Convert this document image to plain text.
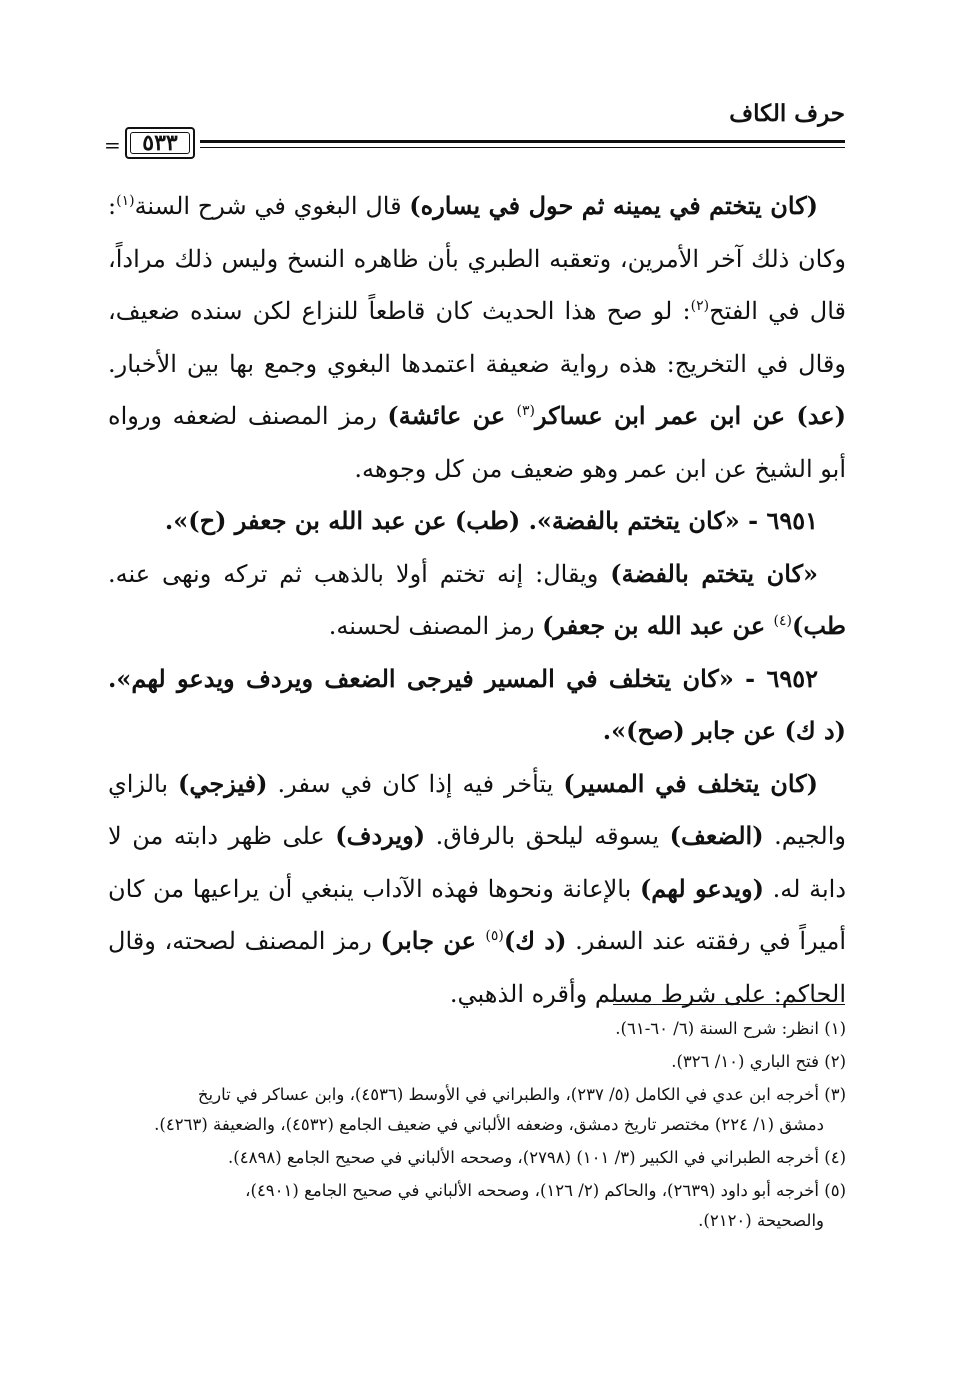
حرف الكاف
٥٣٣
=

(كان يتختم في يمينه ثم حول في يساره) قال البغوي في شرح السنة$^{(١)}$: وكان ذلك آخر الأمرين، وتعقبه الطبري بأن ظاهره النسخ وليس ذلك مراداً، قال في الفتح$^{(٢)}$: لو صح هذا الحديث كان قاطعاً للنزاع لكن سنده ضعيف، وقال في التخريج: هذه رواية ضعيفة اعتمدها البغوي وجمع بها بين الأخبار. (عد) عن ابن عمر ابن عساكر$^{(٣)}$ عن عائشة) رمز المصنف لضعفه ورواه أبو الشيخ عن ابن عمر وهو ضعيف من كل وجوهه.

٦٩٥١ - «كان يتختم بالفضة». (طب) عن عبد الله بن جعفر (ح)».

«كان يتختم بالفضة) ويقال: إنه تختم أولا بالذهب ثم تركه ونهى عنه. طب)$^{(٤)}$ عن عبد الله بن جعفر) رمز المصنف لحسنه.

٦٩٥٢ - «كان يتخلف في المسير فيرجى الضعف ويردف ويدعو لهم». (د ك) عن جابر (صح)».

(كان يتخلف في المسير) يتأخر فيه إذا كان في سفر. (فيزجي) بالزاي والجيم. (الضعف) يسوقه ليلحق بالرفاق. (ويردف) على ظهر دابته من لا دابة له. (ويدعو لهم) بالإعانة ونحوها فهذه الآداب ينبغي أن يراعيها من كان أميراً في رفقته عند السفر. (د ك)$^{(٥)}$ عن جابر) رمز المصنف لصحته، وقال الحاكم: على شرط مسلم وأقره الذهبي.

(١) انظر: شرح السنة (٦/ ٦٠-٦١).

(٢) فتح الباري (١٠/ ٣٢٦).

(٣) أخرجه ابن عدي في الكامل (٥/ ٢٣٧)، والطبراني في الأوسط (٤٥٣٦)، وابن عساكر في تاريخ
دمشق (١/ ٢٢٤) مختصر تاريخ دمشق، وضعفه الألباني في ضعيف الجامع (٤٥٣٢)، والضعيفة (٤٢٦٣).

(٤) أخرجه الطبراني في الكبير (٣/ ١٠١) (٢٧٩٨)، وصححه الألباني في صحيح الجامع (٤٨٩٨).

(٥) أخرجه أبو داود (٢٦٣٩)، والحاكم (٢/ ١٢٦)، وصححه الألباني في صحيح الجامع (٤٩٠١)،
والصحيحة (٢١٢٠).
